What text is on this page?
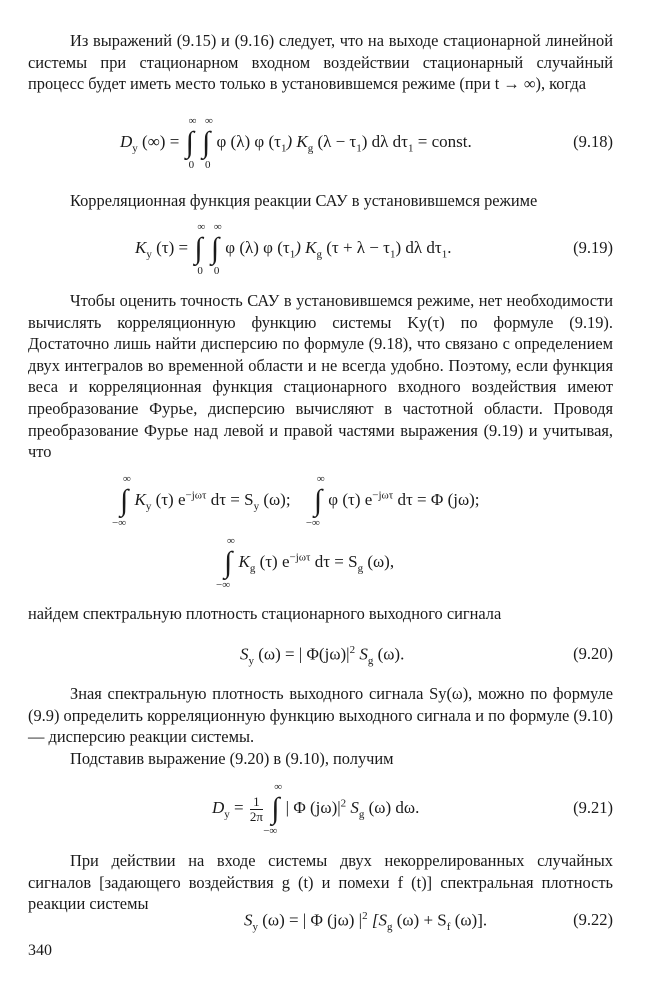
Из выражений (9.15) и (9.16) следует, что на выходе стационарной линейной системы при стационарном входном воздействии стационарный случайный процесс будет иметь место только в установившемся режиме (при t → ∞), когда
$D_y$ (∞) = ∫
∞
0
∫
∞
0
φ (λ) φ $(\tau_1)$ $K_g$ $(\lambda - \tau_1)$ dλ $d\tau_1$ = const.	(9.18)
Корреляционная функция реакции САУ в установившемся режиме
$K_y$ (τ) = ∫
∞
0
∫
∞
0
φ (λ) φ $(\tau_1)$ $K_g$ $(\tau + \lambda - \tau_1)$ dλ $d\tau_1$.	(9.19)
Чтобы оценить точность САУ в установившемся режиме, нет необходимости вычислять корреляционную функцию системы Ky(τ) по формуле (9.19). Достаточно лишь найти дисперсию по формуле (9.18), что связано с определением двух интегралов во временной области и не всегда удобно. Поэтому, если функция веса и корреляционная функция стационарного входного воздействия имеют преобразование Фурье, дисперсию вычисляют в частотной области. Проводя преобразование Фурье над левой и правой частями выражения (9.19) и учитывая, что
∫
∞
−∞
$K_y$ (τ) $e^{-j\omega\tau}$ $d\tau = S_y$ (ω); ∫
∞
−∞
φ (τ) $e^{-j\omega\tau}$ dτ = Φ (jω);
∫
∞
−∞
$K_g$ (τ) $e^{-j\omega\tau}$ $d\tau = S_g$ (ω),
найдем спектральную плотность стационарного выходного сигнала
$S_y$ (ω) = | $\Phi(j\omega)|^2$ $S_g$ (ω).	(9.20)
Зная спектральную плотность выходного сигнала Sy(ω), можно по формуле (9.9) определить корреляционную функцию выходного сигнала и по формуле (9.10) — дисперсию реакции системы.
Подставив выражение (9.20) в (9.10), получим
$D_y = \frac{1}{2\pi}$ ∫
∞
−∞
| Φ $(j\omega)|^2$ $S_g$ (ω) dω.	(9.21)
При действии на входе системы двух некоррелированных случайных сигналов [задающего воздействия g (t) и помехи f (t)] спектральная плотность реакции системы
$S_y$ (ω) = | Φ (jω) $|^2$ [$S_g$ $(\omega) + S_f$ (ω)].	(9.22)
340
